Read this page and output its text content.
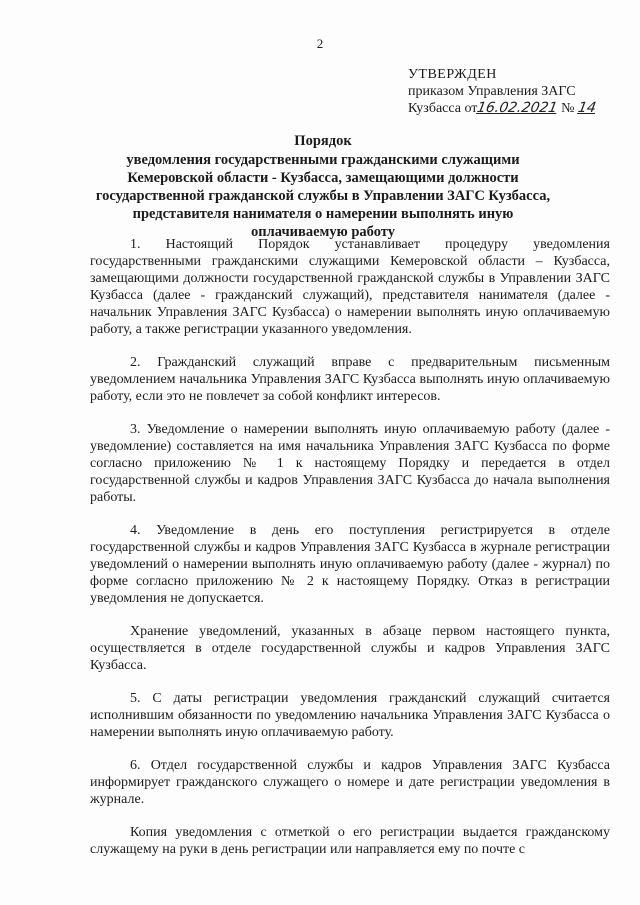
2
УТВЕРЖДЕН
приказом Управления ЗАГС
Кузбасса от16.02.2021 № 14
Порядок
уведомления государственными гражданскими служащими Кемеровской области - Кузбасса, замещающими должности государственной гражданской службы в Управлении ЗАГС Кузбасса, представителя нанимателя о намерении выполнять иную оплачиваемую работу

1. Настоящий Порядок устанавливает процедуру уведомления государственными гражданскими служащими Кемеровской области – Кузбасса, замещающими должности государственной гражданской службы в Управлении ЗАГС Кузбасса (далее - гражданский служащий), представителя нанимателя (далее - начальник Управления ЗАГС Кузбасса) о намерении выполнять иную оплачиваемую работу, а также регистрации указанного уведомления.

2. Гражданский служащий вправе с предварительным письменным уведомлением начальника Управления ЗАГС Кузбасса выполнять иную оплачиваемую работу, если это не повлечет за собой конфликт интересов.

3. Уведомление о намерении выполнять иную оплачиваемую работу (далее - уведомление) составляется на имя начальника Управления ЗАГС Кузбасса по форме согласно приложению № 1 к настоящему Порядку и передается в отдел государственной службы и кадров Управления ЗАГС Кузбасса до начала выполнения работы.

4. Уведомление в день его поступления регистрируется в отделе государственной службы и кадров Управления ЗАГС Кузбасса в журнале регистрации уведомлений о намерении выполнять иную оплачиваемую работу (далее - журнал) по форме согласно приложению № 2 к настоящему Порядку. Отказ в регистрации уведомления не допускается.

Хранение уведомлений, указанных в абзаце первом настоящего пункта, осуществляется в отделе государственной службы и кадров Управления ЗАГС Кузбасса.

5. С даты регистрации уведомления гражданский служащий считается исполнившим обязанности по уведомлению начальника Управления ЗАГС Кузбасса о намерении выполнять иную оплачиваемую работу.

6. Отдел государственной службы и кадров Управления ЗАГС Кузбасса информирует гражданского служащего о номере и дате регистрации уведомления в журнале.

Копия уведомления с отметкой о его регистрации выдается гражданскому служащему на руки в день регистрации или направляется ему по почте с
